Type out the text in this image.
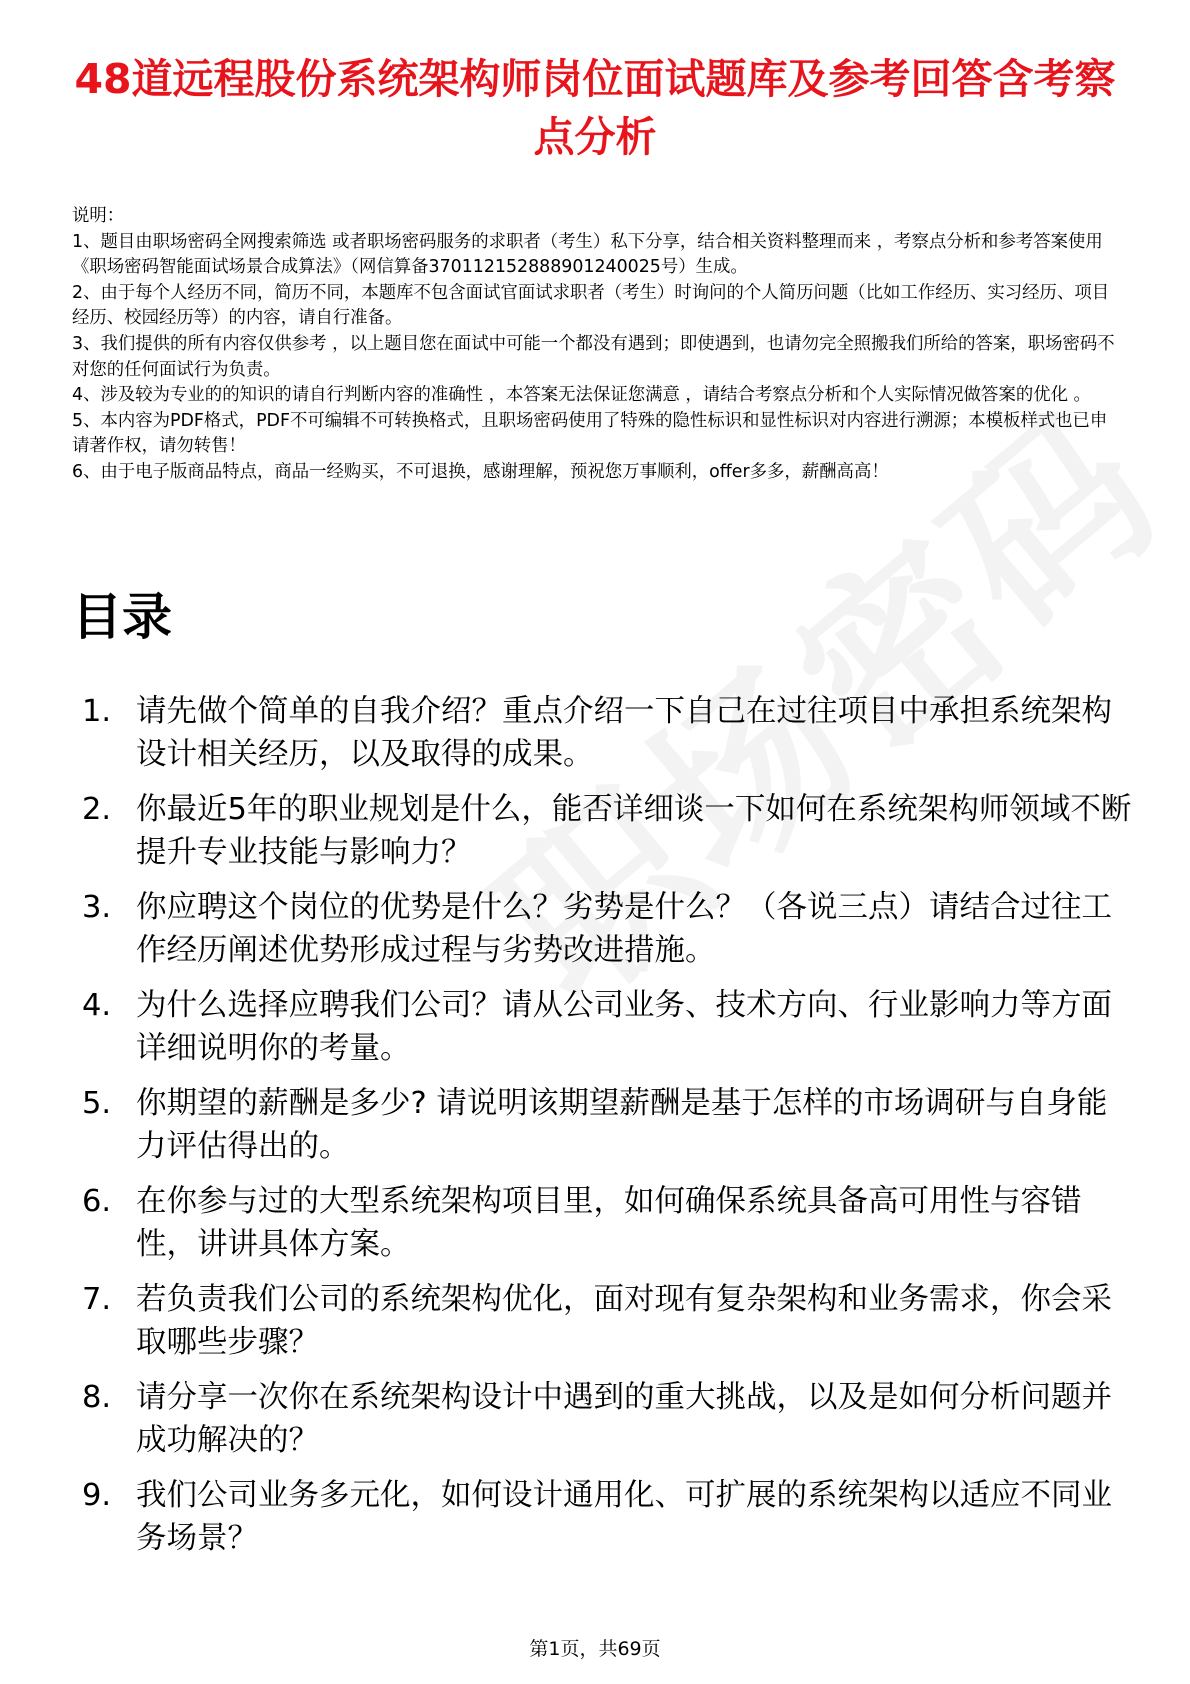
48道远程股份系统架构师岗位面试题库及参考回答含考察点分析

说明：

1、题目由职场密码全网搜索筛选 或者职场密码服务的求职者（考生）私下分享，结合相关资料整理而来 ，考察点分析和参考答案使用《职场密码智能面试场景合成算法》（网信算备370112152888901240025号）生成。

2、由于每个人经历不同，简历不同，本题库不包含面试官面试求职者（考生）时询问的个人简历问题（比如工作经历、实习经历、项目经历、校园经历等）的内容，请自行准备。

3、我们提供的所有内容仅供参考 ，以上题目您在面试中可能一个都没有遇到；即使遇到，也请勿完全照搬我们所给的答案，职场密码不对您的任何面试行为负责。

4、涉及较为专业的的知识的请自行判断内容的准确性 ，本答案无法保证您满意 ，请结合考察点分析和个人实际情况做答案的优化 。

5、本内容为PDF格式，PDF不可编辑不可转换格式，且职场密码使用了特殊的隐性标识和显性标识对内容进行溯源；本模板样式也已申请著作权，请勿转售！

6、由于电子版商品特点，商品一经购买，不可退换，感谢理解，预祝您万事顺利，offer多多，薪酬高高！

目录
1. 请先做个简单的自我介绍？重点介绍一下自己在过往项目中承担系统架构设计相关经历，以及取得的成果。
2. 你最近5年的职业规划是什么，能否详细谈一下如何在系统架构师领域不断提升专业技能与影响力？
3. 你应聘这个岗位的优势是什么？劣势是什么？（各说三点）请结合过往工作经历阐述优势形成过程与劣势改进措施。
4. 为什么选择应聘我们公司？请从公司业务、技术方向、行业影响力等方面详细说明你的考量。
5. 你期望的薪酬是多少? 请说明该期望薪酬是基于怎样的市场调研与自身能力评估得出的。
6. 在你参与过的大型系统架构项目里，如何确保系统具备高可用性与容错性，讲讲具体方案。
7. 若负责我们公司的系统架构优化，面对现有复杂架构和业务需求，你会采取哪些步骤？
8. 请分享一次你在系统架构设计中遇到的重大挑战，以及是如何分析问题并成功解决的？
9. 我们公司业务多元化，如何设计通用化、可扩展的系统架构以适应不同业务场景？
第1页，共69页
